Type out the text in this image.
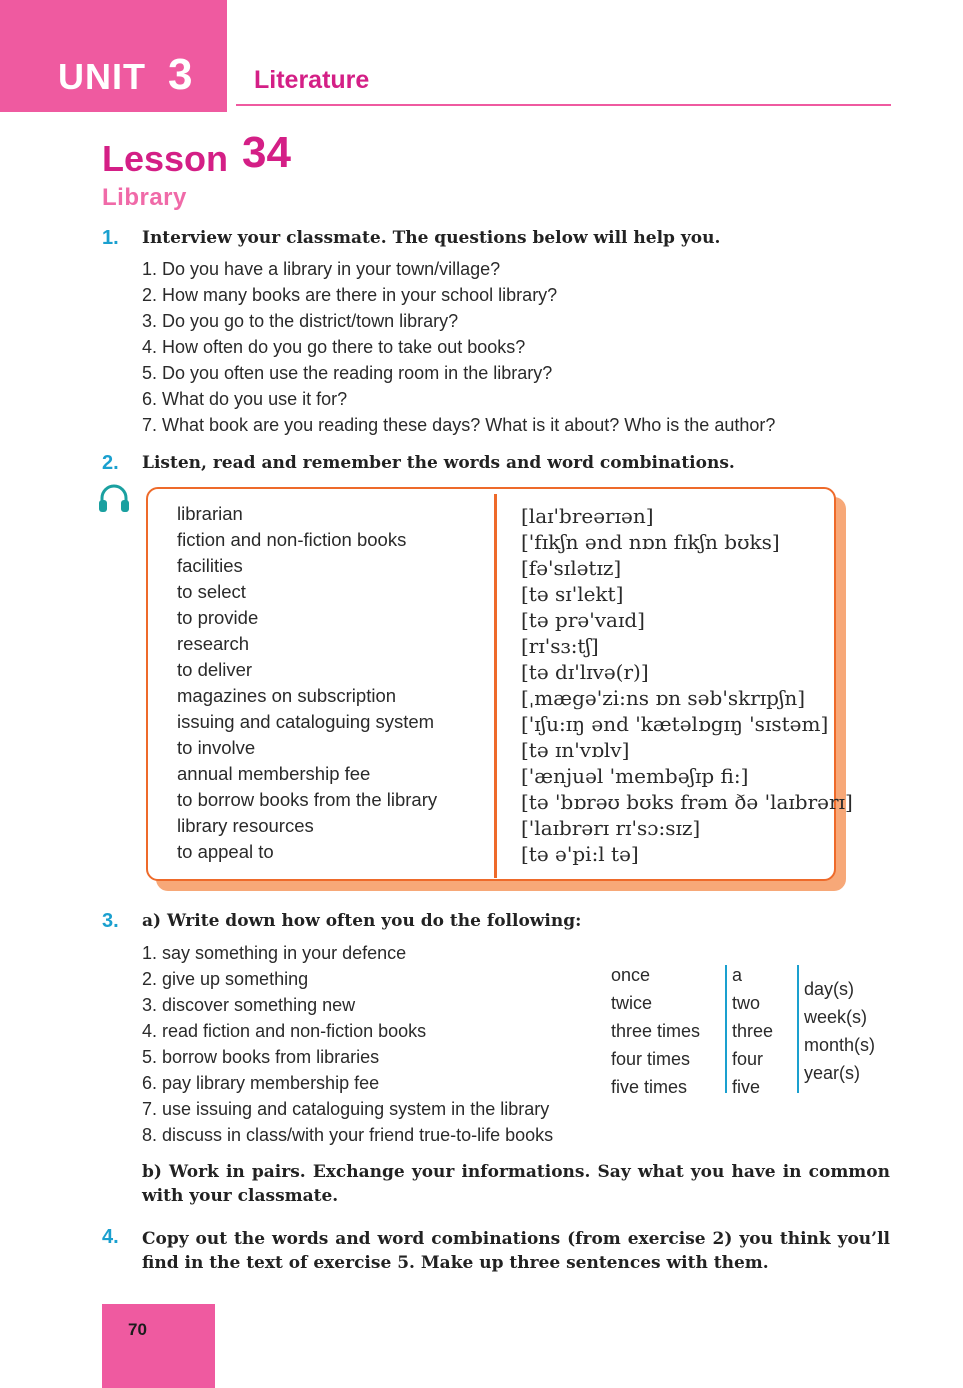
UNIT 3 Literature
Lesson 34
Library
1. Interview your classmate. The questions below will help you.
1. Do you have a library in your town/village?
2. How many books are there in your school library?
3. Do you go to the district/town library?
4. How often do you go there to take out books?
5. Do you often use the reading room in the library?
6. What do you use it for?
7. What book are you reading these days? What is it about? Who is the author?
2. Listen, read and remember the words and word combinations.
librarian
fiction and non-fiction books
facilities
to select
to provide
research
to deliver
magazines on subscription
issuing and cataloguing system
to involve
annual membership fee
to borrow books from the library
library resources
to appeal to
[laɪ'breərɪən]
['fɪkʃn ənd nɒn fɪkʃn bʊks]
[fə'sɪlətɪz]
[tə sɪ'lekt]
[tə prə'vaɪd]
[rɪ'sɜ:tʃ]
[tə dɪ'lɪvə(r)]
[ˌmægə'zi:ns ɒn səb'skrɪpʃn]
['ɪʃu:ɪŋ ənd 'kætəlɒgɪŋ 'sɪstəm]
[tə ɪn'vɒlv]
['ænjuəl 'membəʃɪp fi:]
[tə 'bɒrəʊ bʊks frəm ðə 'laɪbrərɪ]
['laɪbrərɪ rɪ'sɔ:sɪz]
[tə ə'pi:l tə]
3. a) Write down how often you do the following:
1. say something in your defence
2. give up something
3. discover something new
4. read fiction and non-fiction books
5. borrow books from libraries
6. pay library membership fee
7. use issuing and cataloguing system in the library
8. discuss in class/with your friend true-to-life books
once
twice
three times
four times
five times
a
two
three
four
five
day(s)
week(s)
month(s)
year(s)
b) Work in pairs. Exchange your informations. Say what you have in common with your classmate.
4. Copy out the words and word combinations (from exercise 2) you think you’ll find in the text of exercise 5. Make up three sentences with them.
70
